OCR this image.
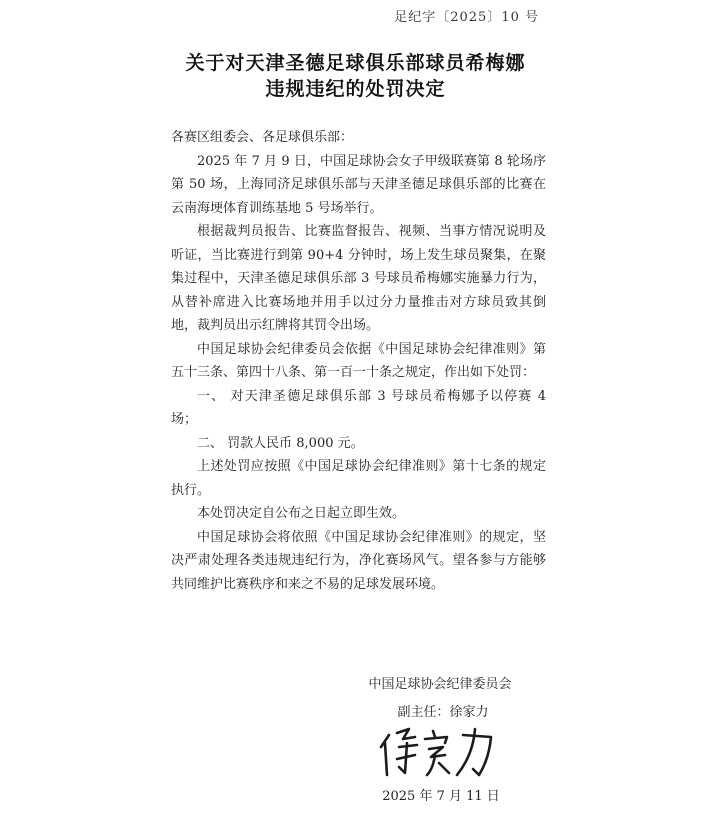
足纪字〔2025〕10 号
关于对天津圣德足球俱乐部球员希梅娜
违规违纪的处罚决定

各赛区组委会、各足球俱乐部：

2025 年 7 月 9 日，中国足球协会女子甲级联赛第 8 轮场序第 50 场，上海同济足球俱乐部与天津圣德足球俱乐部的比赛在云南海埂体育训练基地 5 号场举行。

根据裁判员报告、比赛监督报告、视频、当事方情况说明及听证，当比赛进行到第 90+4 分钟时，场上发生球员聚集，在聚集过程中，天津圣德足球俱乐部 3 号球员希梅娜实施暴力行为，从替补席进入比赛场地并用手以过分力量推击对方球员致其倒地，裁判员出示红牌将其罚令出场。

中国足球协会纪律委员会依据《中国足球协会纪律准则》第五十三条、第四十八条、第一百一十条之规定，作出如下处罚：

一、 对天津圣德足球俱乐部 3 号球员希梅娜予以停赛 4 场；

二、 罚款人民币 8,000 元。

上述处罚应按照《中国足球协会纪律准则》第十七条的规定执行。

本处罚决定自公布之日起立即生效。

中国足球协会将依照《中国足球协会纪律准则》的规定，坚决严肃处理各类违规违纪行为，净化赛场风气。望各参与方能够共同维护比赛秩序和来之不易的足球发展环境。

中国足球协会纪律委员会
副主任：徐家力
2025 年 7 月 11 日
